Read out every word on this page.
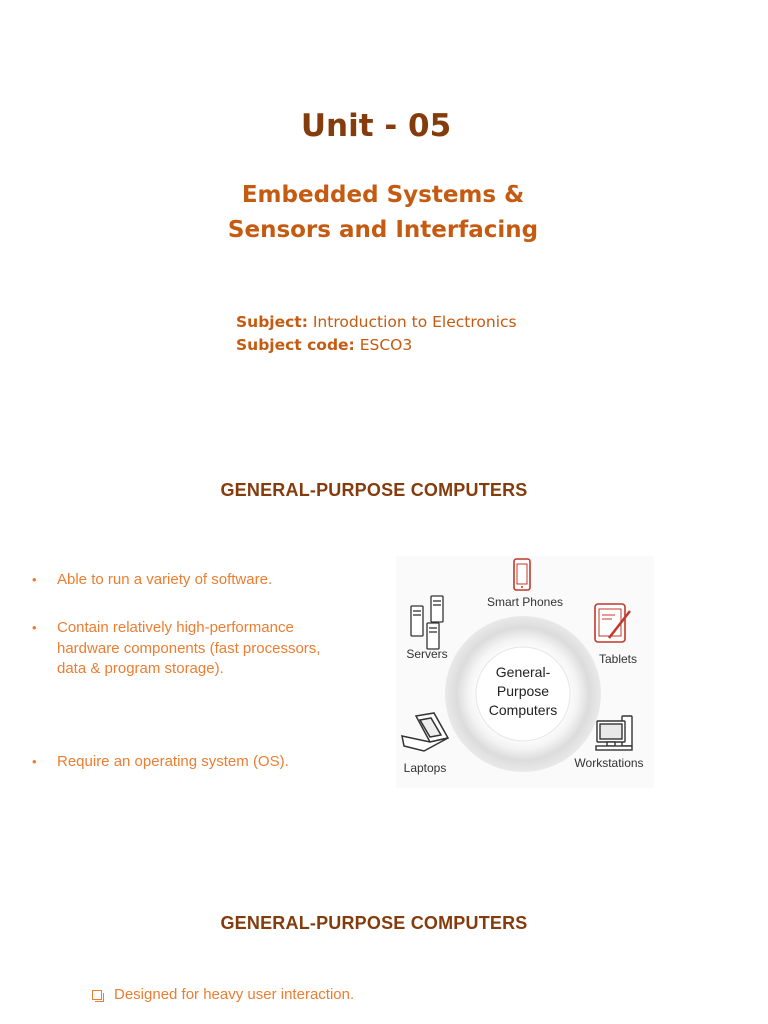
Unit - 05
Embedded Systems &
Sensors and Interfacing
Subject: Introduction to Electronics
Subject code: ESCO3
GENERAL-PURPOSE COMPUTERS
• Able to run a variety of software.
• Contain relatively high-performance hardware components (fast processors, data & program storage).
• Require an operating system (OS).
General-
Purpose
Computers
Smart Phones
Tablets
Servers
Laptops	Workstations
GENERAL-PURPOSE COMPUTERS
Designed for heavy user interaction.
